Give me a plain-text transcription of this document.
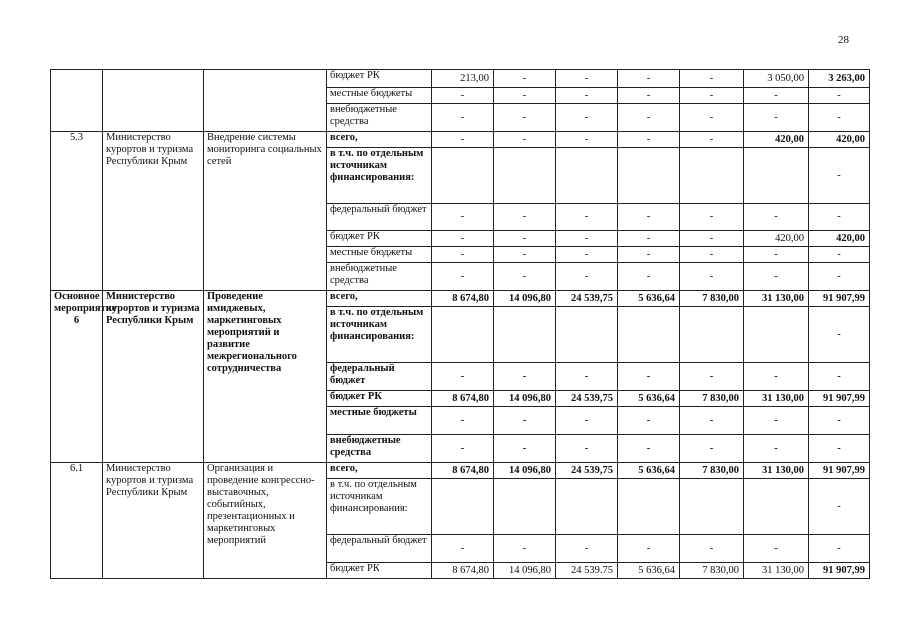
28
			бюджет РК	213,00	-	-	-	-	3 050,00	3 263,00
			местные бюджеты	-	-	-	-	-	-	-
			внебюджетные средства	-	-	-	-	-	-	-
5.3	Министерство курортов и туризма Республики Крым	Внедрение системы мониторинга социальных сетей	всего,	-	-	-	-	-	420,00	420,00
			в т.ч. по отдельным источникам финансирования:							-
			федеральный бюджет	-	-	-	-	-	-	-
			бюджет РК	-	-	-	-	-	420,00	420,00
			местные бюджеты	-	-	-	-	-	-	-
			внебюджетные средства	-	-	-	-	-	-	-
Основное мероприятие 6	Министерство курортов и туризма Республики Крым	Проведение имиджевых, маркетинговых мероприятий и развитие межрегионального сотрудничества	всего,	8 674,80	14 096,80	24 539,75	5 636,64	7 830,00	31 130,00	91 907,99
			в т.ч. по отдельным источникам финансирования:							-
			федеральный бюджет	-	-	-	-	-	-	-
			бюджет РК	8 674,80	14 096,80	24 539,75	5 636,64	7 830,00	31 130,00	91 907,99
			местные бюджеты	-	-	-	-	-	-	-
			внебюджетные средства	-	-	-	-	-	-	-
6.1	Министерство курортов и туризма Республики Крым	Организация и проведение конгрессно-выставочных, событийных, презентационных и маркетинговых мероприятий	всего,	8 674,80	14 096,80	24 539,75	5 636,64	7 830,00	31 130,00	91 907,99
			в т.ч. по отдельным источникам финансирования:							-
			федеральный бюджет	-	-	-	-	-	-	-
			бюджет РК	8 674,80	14 096,80	24 539.75	5 636,64	7 830,00	31 130,00	91 907,99
